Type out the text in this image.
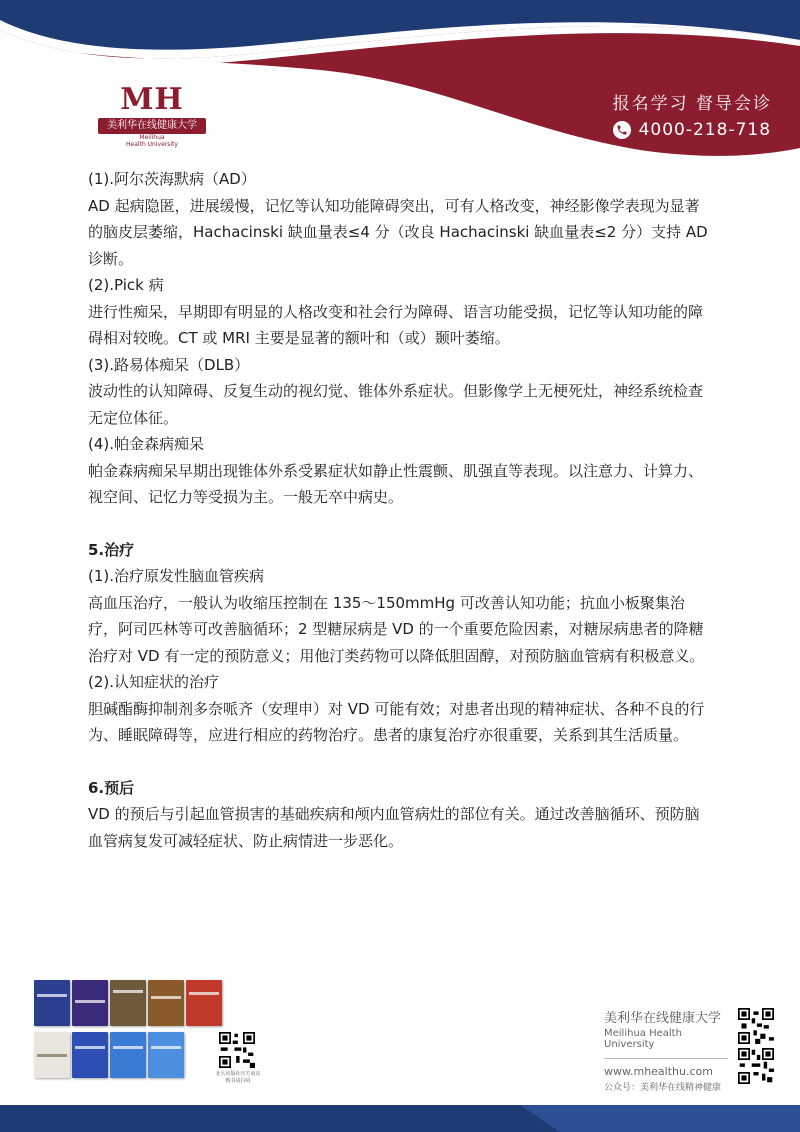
MH
美利华在线健康大学
Meilihua
Health University
报名学习 督导会诊
4000-218-718

(1).阿尔茨海默病（AD）

AD 起病隐匿，进展缓慢，记忆等认知功能障碍突出，可有人格改变，神经影像学表现为显著的脑皮层萎缩，Hachacinski 缺血量表≤4 分（改良 Hachacinski 缺血量表≤2 分）支持 AD 诊断。

(2).Pick 病

进行性痴呆，早期即有明显的人格改变和社会行为障碍、语言功能受损，记忆等认知功能的障碍相对较晚。CT 或 MRI 主要是显著的额叶和（或）颞叶萎缩。

(3).路易体痴呆（DLB）

波动性的认知障碍、反复生动的视幻觉、锥体外系症状。但影像学上无梗死灶，神经系统检查无定位体征。

(4).帕金森病痴呆

帕金森病痴呆早期出现锥体外系受累症状如静止性震颤、肌强直等表现。以注意力、计算力、视空间、记忆力等受损为主。一般无卒中病史。

5.治疗

(1).治疗原发性脑血管疾病

高血压治疗，一般认为收缩压控制在 135～150mmHg 可改善认知功能；抗血小板聚集治疗，阿司匹林等可改善脑循环；2 型糖尿病是 VD 的一个重要危险因素，对糖尿病患者的降糖治疗对 VD 有一定的预防意义；用他汀类药物可以降低胆固醇，对预防脑血管病有积极意义。

(2).认知症状的治疗

胆碱酯酶抑制剂多奈哌齐（安理申）对 VD 可能有效；对患者出现的精神症状、各种不良的行为、睡眠障碍等，应进行相应的药物治疗。患者的康复治疗亦很重要，关系到其生活质量。

6.预后

VD 的预后与引起血管损害的基础疾病和颅内血管病灶的部位有关。通过改善脑循环、预防脑血管病复发可减轻症状、防止病情进一步恶化。

北大出版社官方商店 购书请扫码
美利华在线健康大学
Meilihua Health University
www.mhealthu.com
公众号：美利华在线精神健康
